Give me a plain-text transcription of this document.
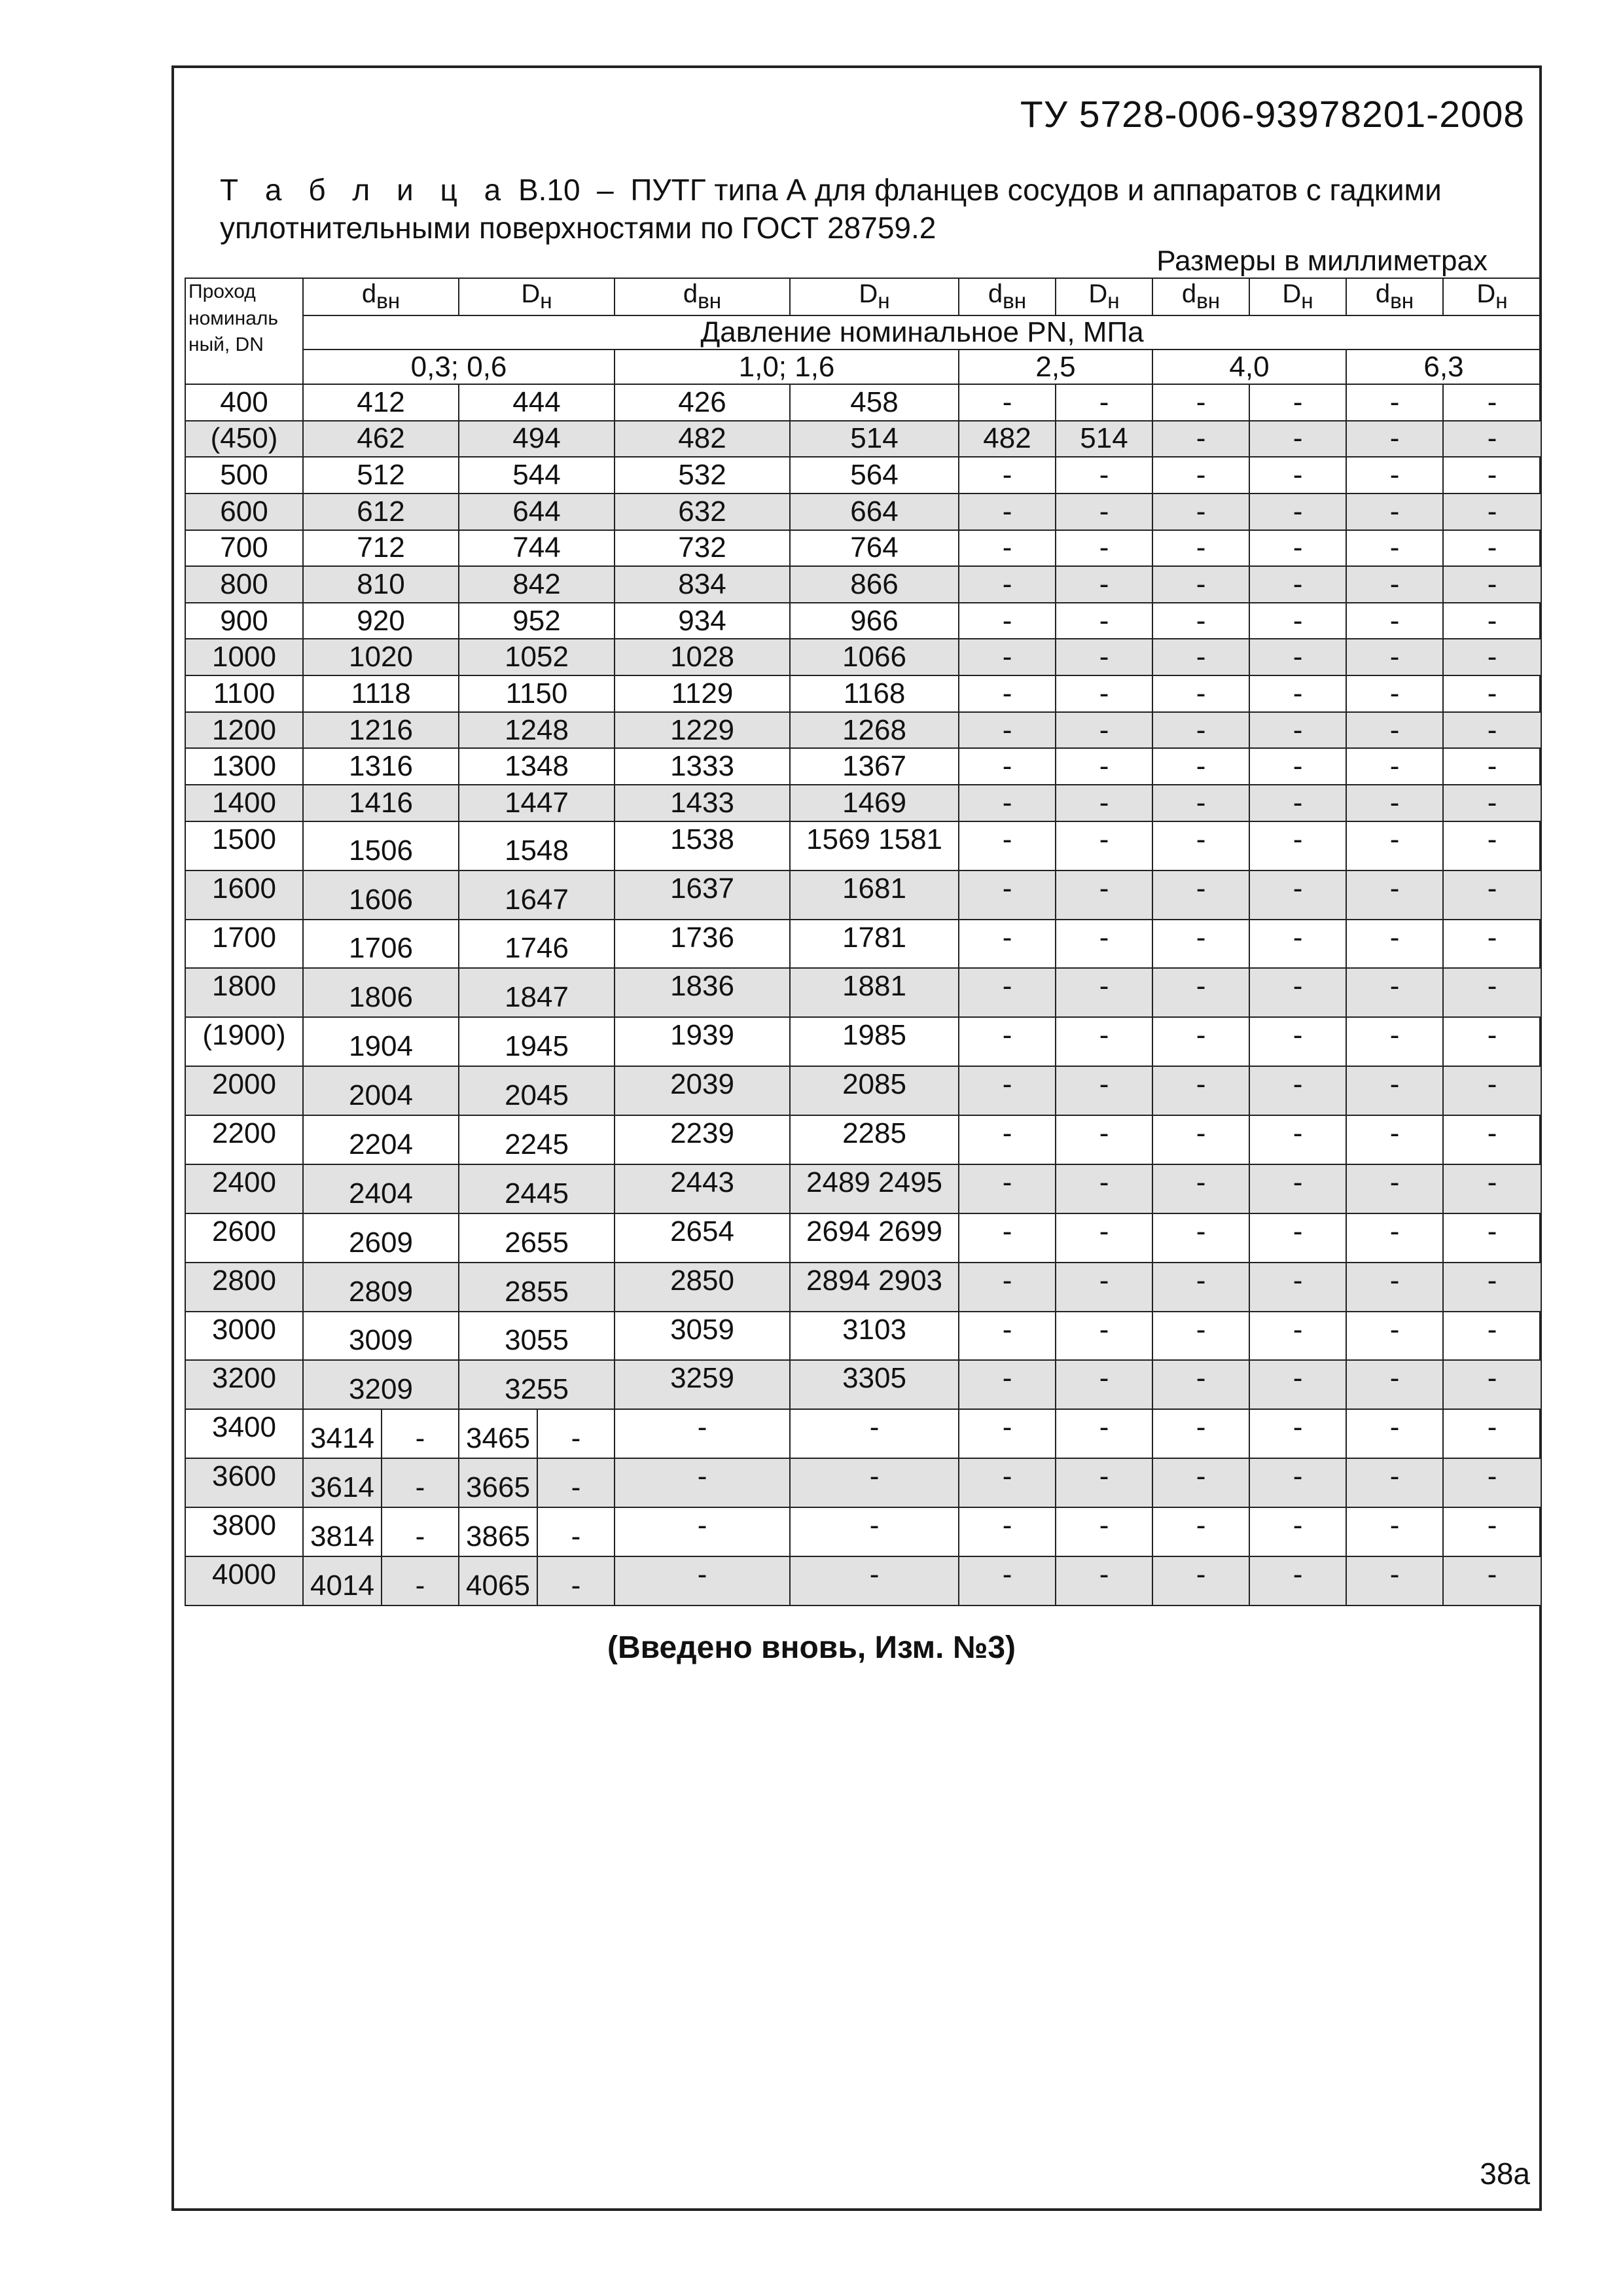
ТУ 5728-006-93978201-2008
Т а б л и ц а В.10 – ПУТГ типа А для фланцев сосудов и аппаратов с гадкими
уплотнительными поверхностями по ГОСТ 28759.2
Размеры в миллиметрах
Проход
номиналь
ный, DN	$d_{вн}$		$D_н$		$d_{вн}$	$D_н$	$d_{вн}$	$D_н$	$d_{вн}$	$D_н$	$d_{вн}$	$D_н$
	Давление номинальное PN, МПа											
	0,3; 0,6				1,0; 1,6		2,5		4,0		6,3	
400	412		444		426	458	-	-	-	-	-	-
(450)	462		494		482	514	482	514	-	-	-	-
500	512		544		532	564	-	-	-	-	-	-
600	612		644		632	664	-	-	-	-	-	-
700	712		744		732	764	-	-	-	-	-	-
800	810		842		834	866	-	-	-	-	-	-
900	920		952		934	966	-	-	-	-	-	-
1000	1020		1052		1028	1066	-	-	-	-	-	-
1100	1118		1150		1129	1168	-	-	-	-	-	-
1200	1216		1248		1229	1268	-	-	-	-	-	-
1300	1316		1348		1333	1367	-	-	-	-	-	-
1400	1416		1447		1433	1469	-	-	-	-	-	-
1500	1506		1548		1538	1569 1581	-	-	-	-	-	-
1600	1606		1647		1637	1681	-	-	-	-	-	-
1700	1706		1746		1736	1781	-	-	-	-	-	-
1800	1806		1847		1836	1881	-	-	-	-	-	-
(1900)	1904		1945		1939	1985	-	-	-	-	-	-
2000	2004		2045		2039	2085	-	-	-	-	-	-
2200	2204		2245		2239	2285	-	-	-	-	-	-
2400	2404		2445		2443	2489 2495	-	-	-	-	-	-
2600	2609		2655		2654	2694 2699	-	-	-	-	-	-
2800	2809		2855		2850	2894 2903	-	-	-	-	-	-
3000	3009		3055		3059	3103	-	-	-	-	-	-
3200	3209		3255		3259	3305	-	-	-	-	-	-
3400	3414	-	3465	-	-	-	-	-	-	-	-	-
3600	3614	-	3665	-	-	-	-	-	-	-	-	-
3800	3814	-	3865	-	-	-	-	-	-	-	-	-
4000	4014	-	4065	-	-	-	-	-	-	-	-	-
(Введено вновь, Изм. №3)
38а
